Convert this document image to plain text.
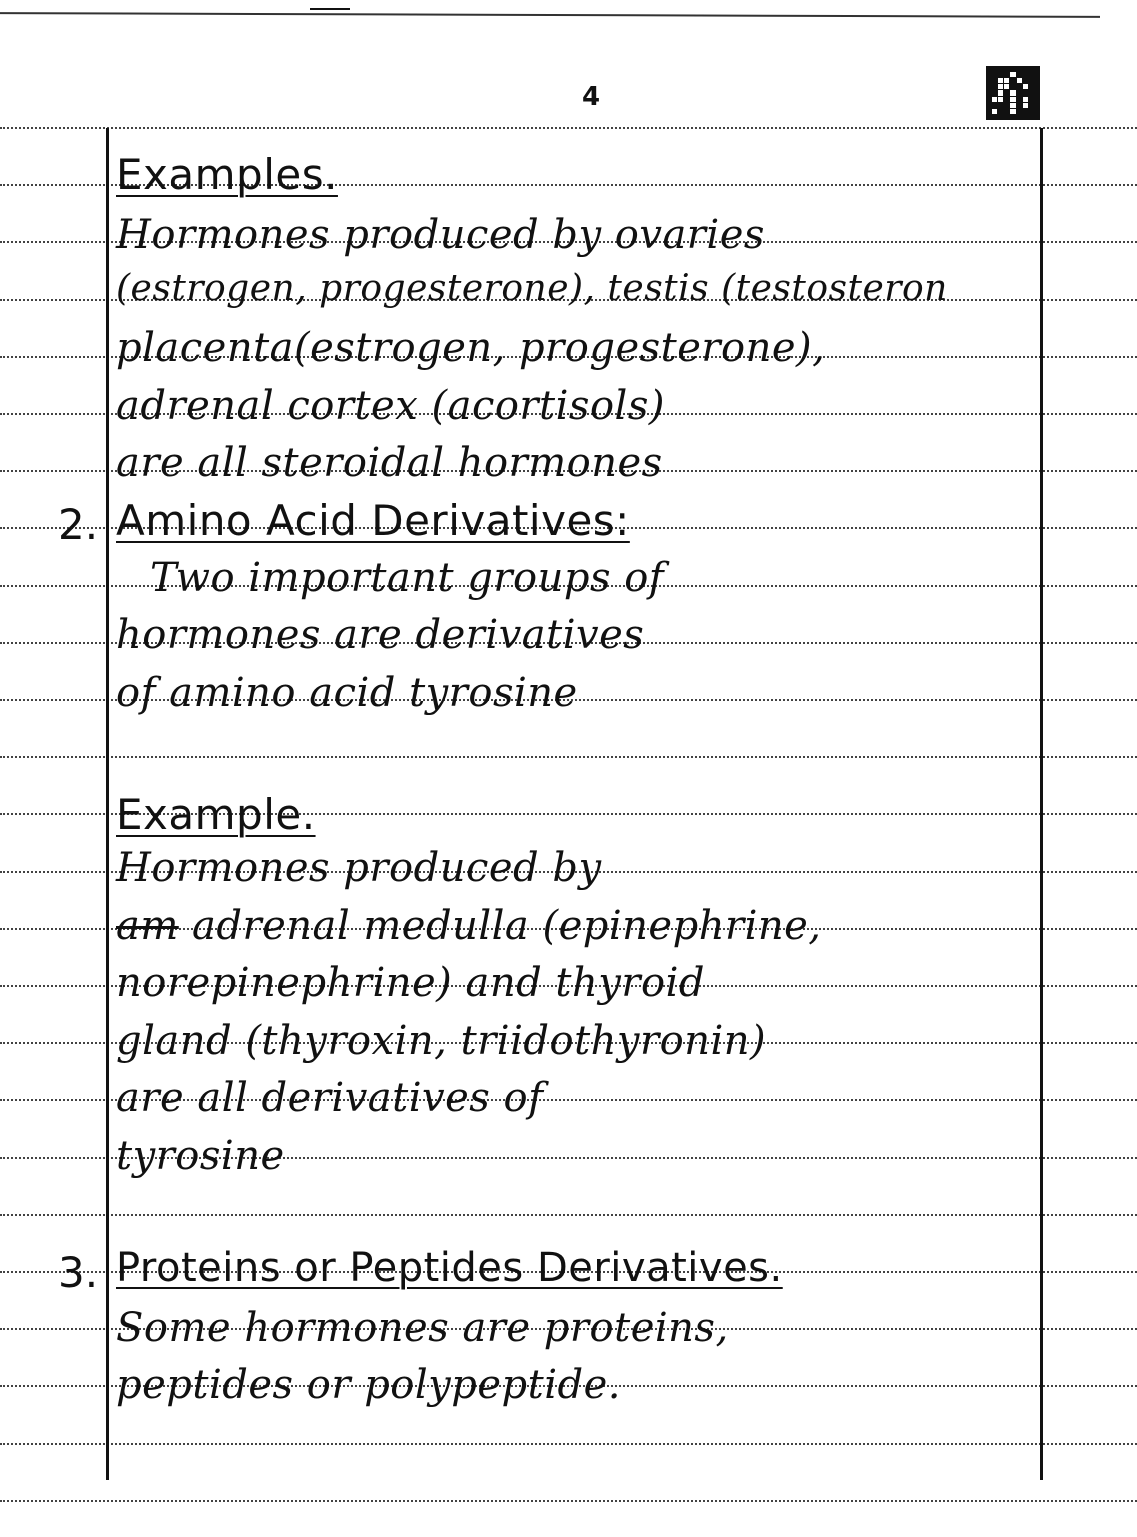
4
Examples.
Hormones produced by ovaries
(estrogen, progesterone), testis (testosteron
placenta(estrogen, progesterone),
adrenal cortex (acortisols)
are all steroidal hormones
2. Amino Acid Derivatives:
Two important groups of
hormones are derivatives
of amino acid tyrosine
Example.
Hormones produced by
am adrenal medulla (epinephrine,
norepinephrine) and thyroid
gland (thyroxin, triidothyronin)
are all derivatives of
tyrosine
3. Proteins or Peptides Derivatives.
Some hormones are proteins,
peptides or polypeptide.
